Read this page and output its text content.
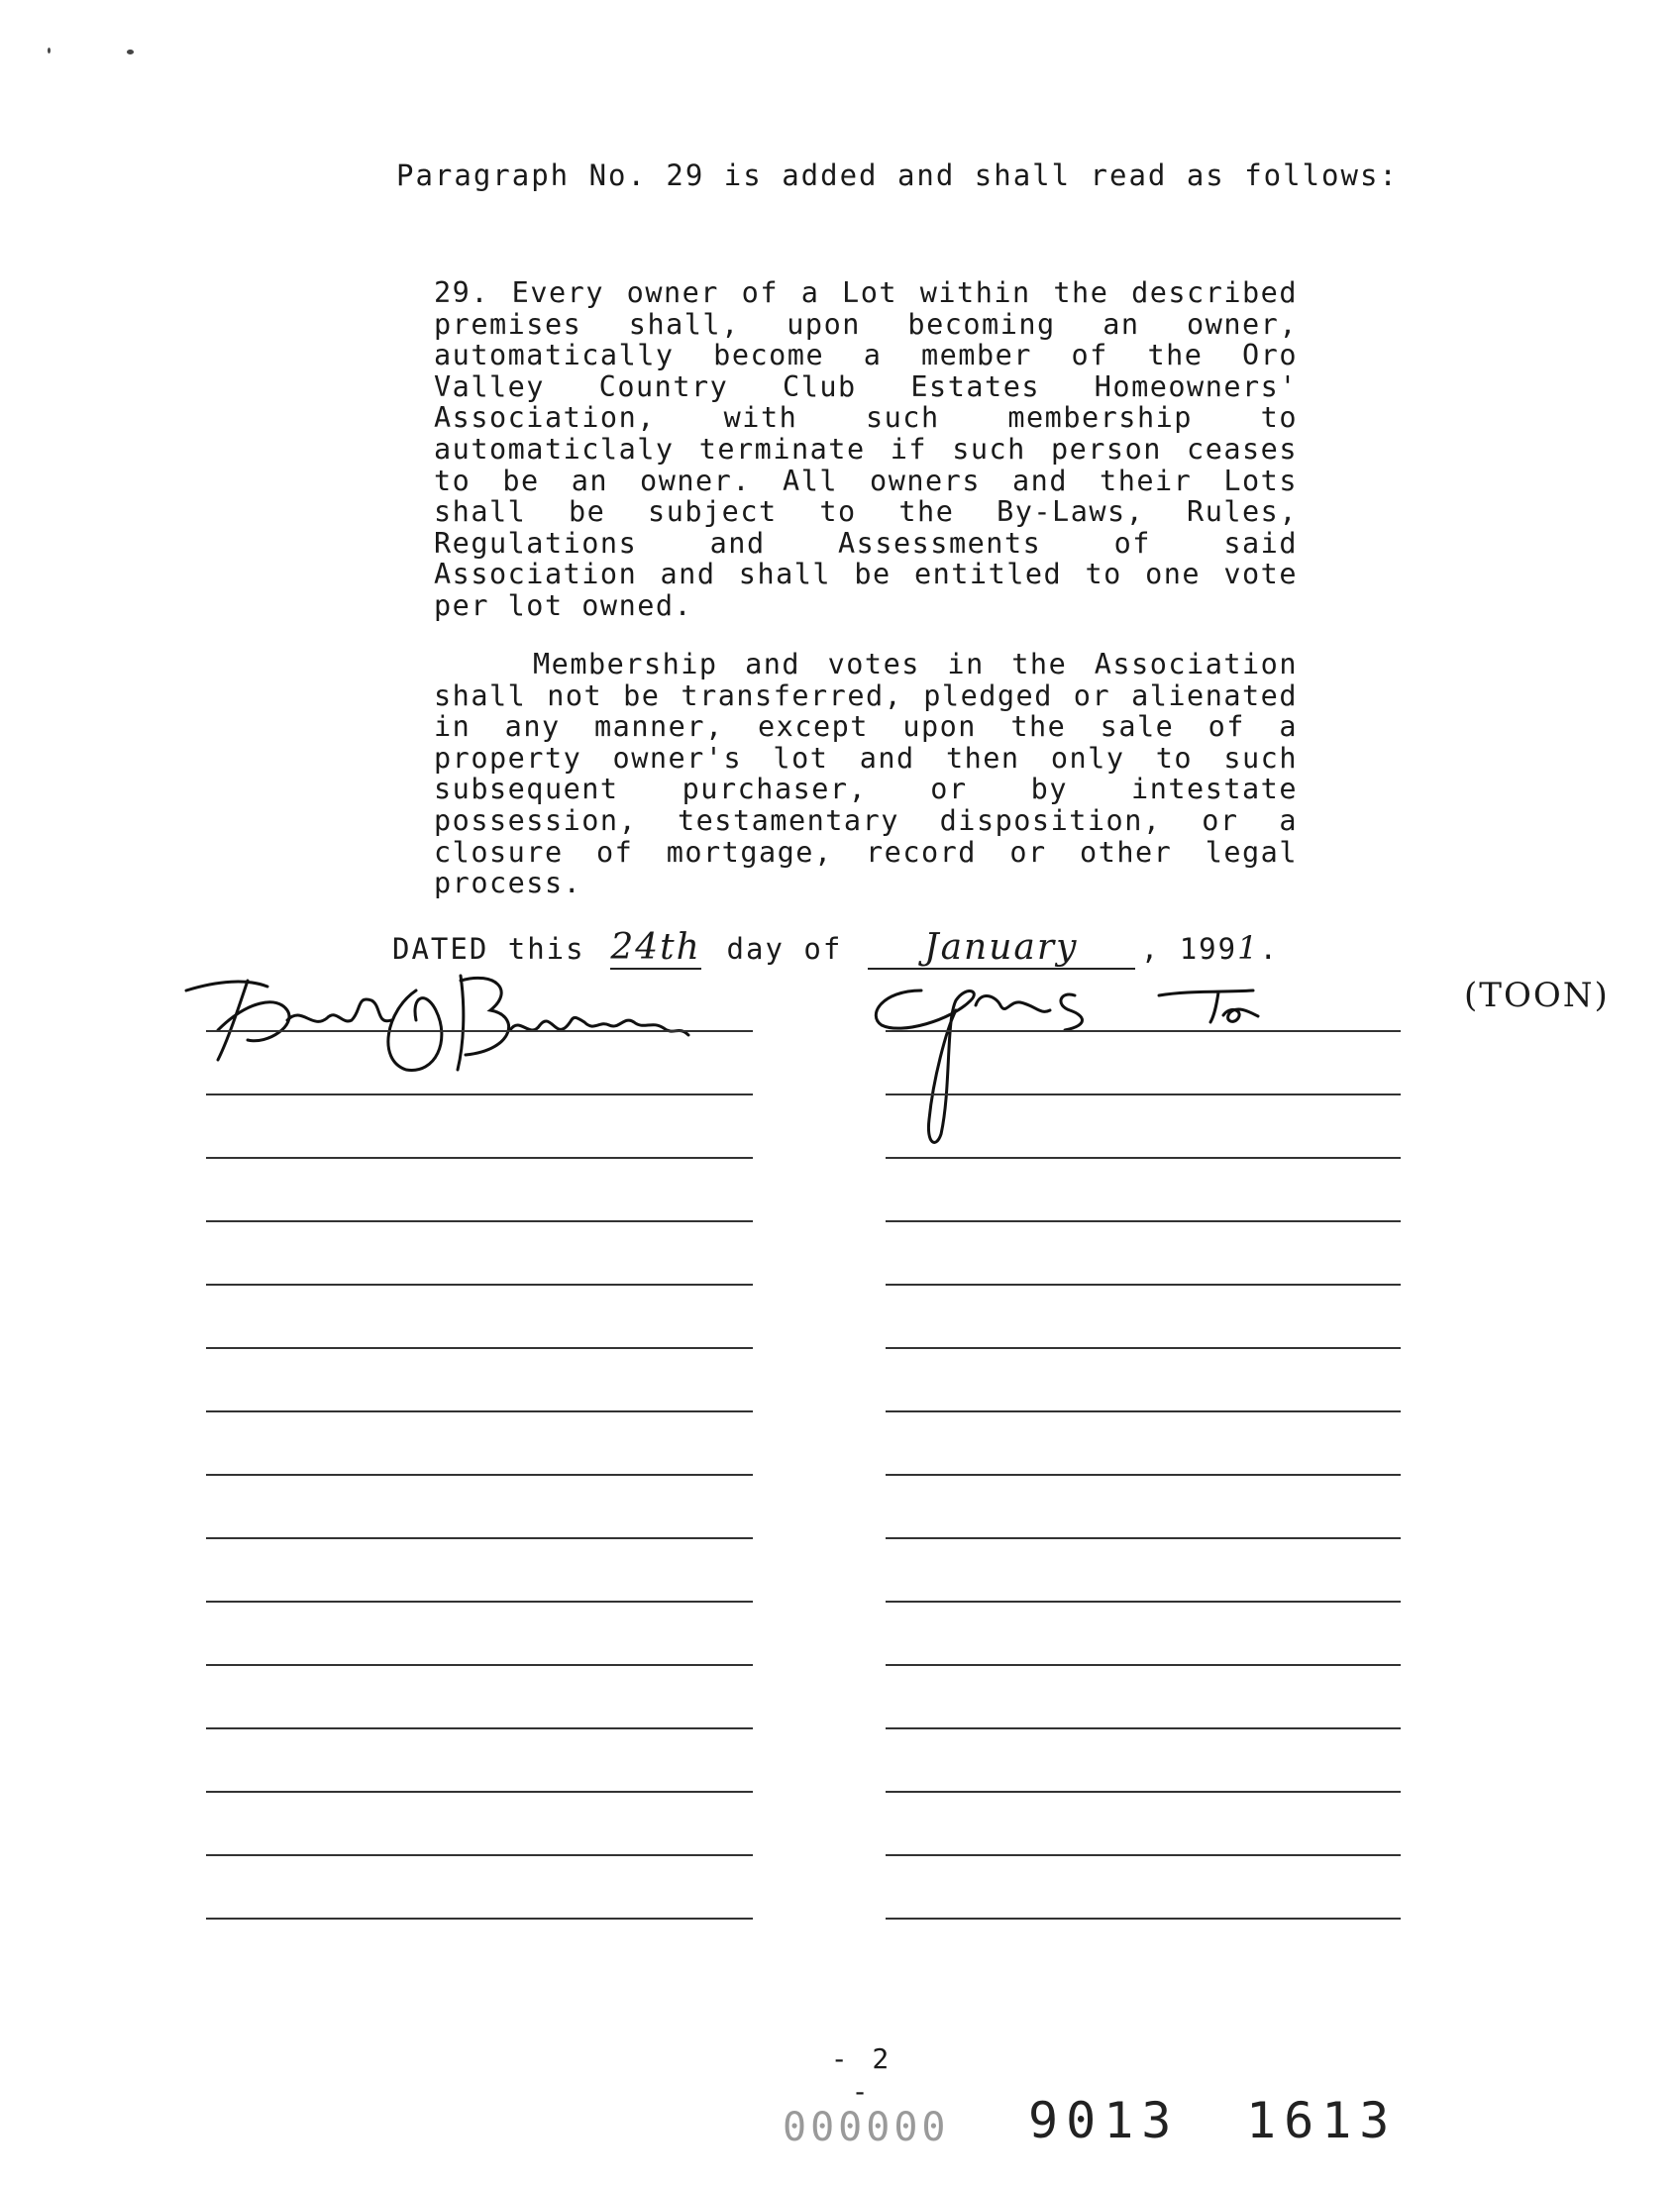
Paragraph No. 29 is added and shall read as follows:

29. Every owner of a Lot within the described premises shall, upon becoming an owner, automatically become a member of the Oro Valley Country Club Estates Homeowners' Association, with such membership to automaticlaly terminate if such person ceases to be an owner. All owners and their Lots shall be subject to the By-Laws, Rules, Regulations and Assessments of said Association and shall be entitled to one vote per lot owned.

Membership and votes in the Association shall not be transferred, pledged or alienated in any manner, except upon the sale of a property owner's lot and then only to such subsequent purchaser, or by intestate possession, testamentary disposition, or a closure of mortgage, record or other legal process.

DATED this 24th day of January , 1991.
(TOON)
- 2 -
000000 9013 1613
